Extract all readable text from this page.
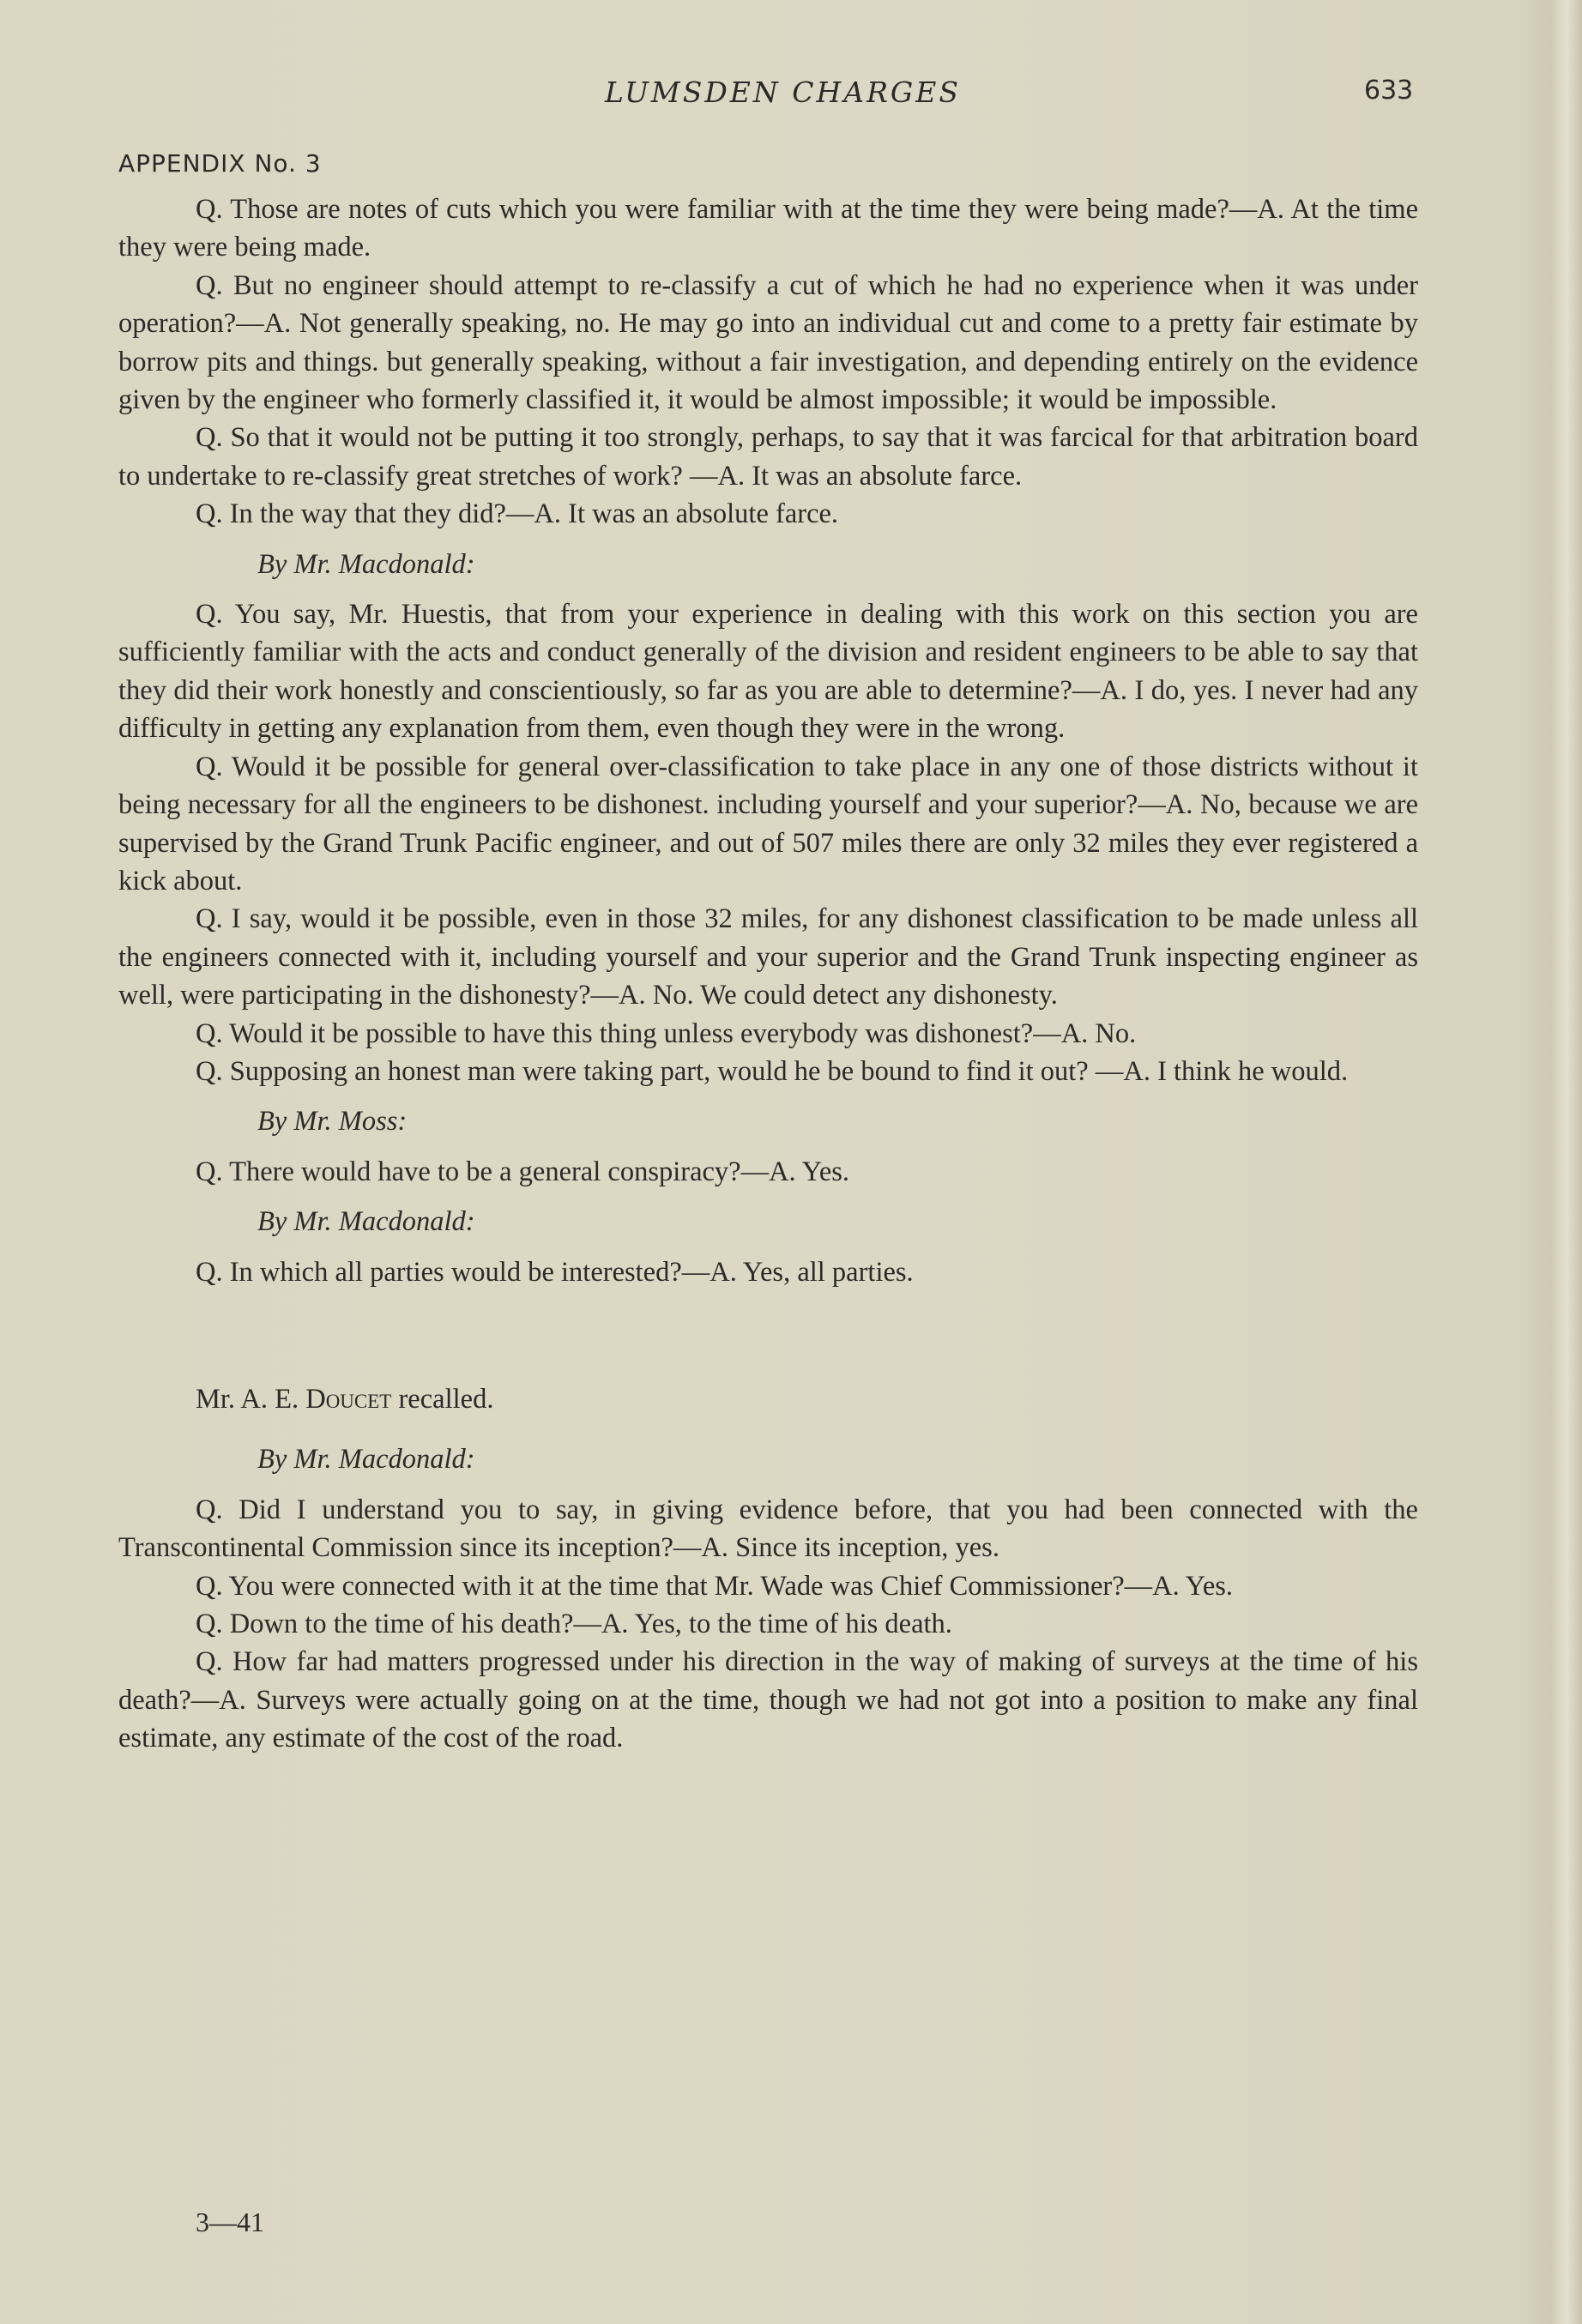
LUMSDEN CHARGES	633
APPENDIX No. 3

Q. Those are notes of cuts which you were familiar with at the time they were being made?—A. At the time they were being made.

Q. But no engineer should attempt to re-classify a cut of which he had no experience when it was under operation?—A. Not generally speaking, no. He may go into an individual cut and come to a pretty fair estimate by borrow pits and things. but generally speaking, without a fair investigation, and depending entirely on the evidence given by the engineer who formerly classified it, it would be almost impossible; it would be impossible.

Q. So that it would not be putting it too strongly, perhaps, to say that it was farcical for that arbitration board to undertake to re-classify great stretches of work? —A. It was an absolute farce.

Q. In the way that they did?—A. It was an absolute farce.

By Mr. Macdonald:

Q. You say, Mr. Huestis, that from your experience in dealing with this work on this section you are sufficiently familiar with the acts and conduct generally of the division and resident engineers to be able to say that they did their work honestly and conscientiously, so far as you are able to determine?—A. I do, yes. I never had any difficulty in getting any explanation from them, even though they were in the wrong.

Q. Would it be possible for general over-classification to take place in any one of those districts without it being necessary for all the engineers to be dishonest. including yourself and your superior?—A. No, because we are supervised by the Grand Trunk Pacific engineer, and out of 507 miles there are only 32 miles they ever registered a kick about.

Q. I say, would it be possible, even in those 32 miles, for any dishonest classification to be made unless all the engineers connected with it, including yourself and your superior and the Grand Trunk inspecting engineer as well, were participating in the dishonesty?—A. No. We could detect any dishonesty.

Q. Would it be possible to have this thing unless everybody was dishonest?—A. No.

Q. Supposing an honest man were taking part, would he be bound to find it out? —A. I think he would.

By Mr. Moss:

Q. There would have to be a general conspiracy?—A. Yes.

By Mr. Macdonald:

Q. In which all parties would be interested?—A. Yes, all parties.

Mr. A. E. Doucet recalled.

By Mr. Macdonald:

Q. Did I understand you to say, in giving evidence before, that you had been connected with the Transcontinental Commission since its inception?—A. Since its inception, yes.

Q. You were connected with it at the time that Mr. Wade was Chief Commissioner?—A. Yes.

Q. Down to the time of his death?—A. Yes, to the time of his death.

Q. How far had matters progressed under his direction in the way of making of surveys at the time of his death?—A. Surveys were actually going on at the time, though we had not got into a position to make any final estimate, any estimate of the cost of the road.

3—41
